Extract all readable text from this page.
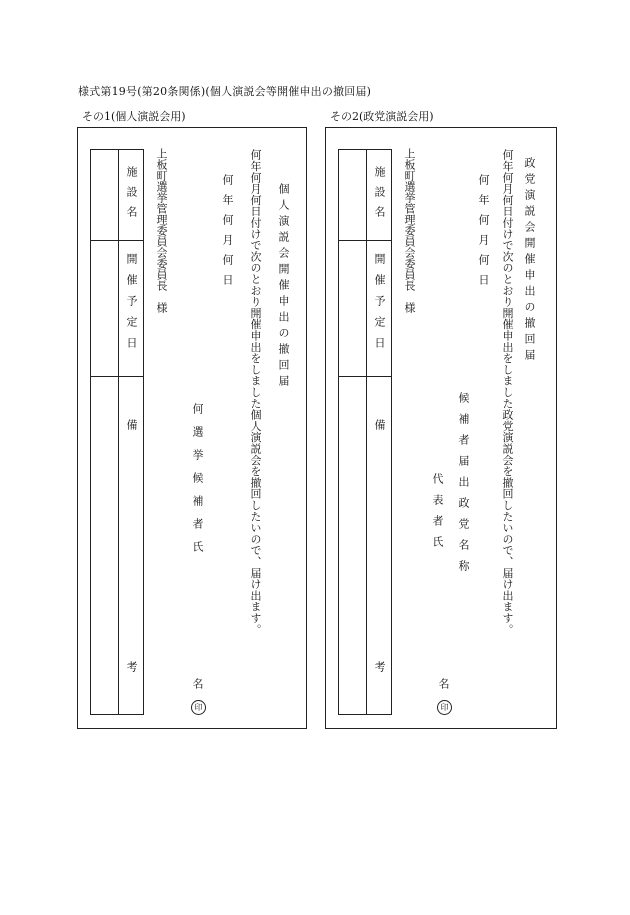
様式第19号(第20条関係)(個人演説会等開催申出の撤回届)
その1(個人演説会用)	その2(政党演説会用)
施設名
開催予定日
備
考
上板町選挙管理委員会委員長　様
何選挙候補者氏
名
印
何年何月何日 何年何月何日付けで次のとおり開催申出をしました個人演説会を撤回したいので、届け出ます。 個人演説会開催申出の撤回届	施設名
開催予定日
備
考
上板町選挙管理委員会委員長　様
代表者氏
名
印
候補者届出政党名称
何年何月何日 何年何月何日付けで次のとおり開催申出をしました政党演説会を撤回したいので、届け出ます。 政党演説会開催申出の撤回届
